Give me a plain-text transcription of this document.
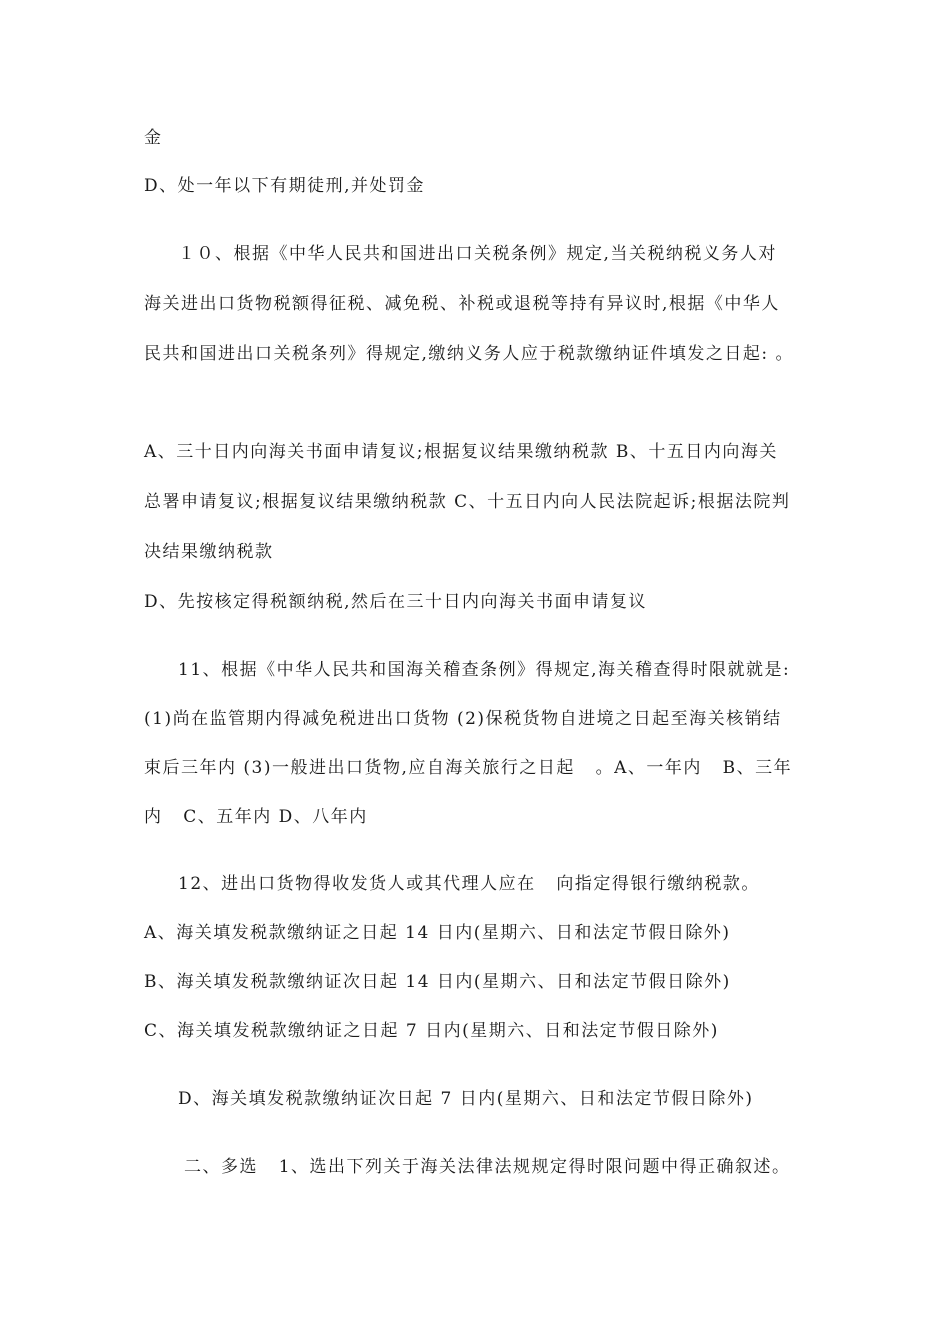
金
D、处一年以下有期徒刑,并处罚金
１０、根据《中华人民共和国进出口关税条例》规定,当关税纳税义务人对
海关进出口货物税额得征税、减免税、补税或退税等持有异议时,根据《中华人
民共和国进出口关税条列》得规定,缴纳义务人应于税款缴纳证件填发之日起: 。
A、三十日内向海关书面申请复议;根据复议结果缴纳税款 B、十五日内向海关
总署申请复议;根据复议结果缴纳税款 C、十五日内向人民法院起诉;根据法院判
决结果缴纳税款
D、先按核定得税额纳税,然后在三十日内向海关书面申请复议
11、根据《中华人民共和国海关稽查条例》得规定,海关稽查得时限就就是:
(1)尚在监管期内得减免税进出口货物 (2)保税货物自进境之日起至海关核销结
束后三年内 (3)一般进出口货物,应自海关旅行之日起   。A、一年内   B、三年
内   C、五年内 D、八年内
12、进出口货物得收发货人或其代理人应在   向指定得银行缴纳税款。
A、海关填发税款缴纳证之日起 14 日内(星期六、日和法定节假日除外)
B、海关填发税款缴纳证次日起 14 日内(星期六、日和法定节假日除外)
C、海关填发税款缴纳证之日起 7 日内(星期六、日和法定节假日除外)
D、海关填发税款缴纳证次日起 7 日内(星期六、日和法定节假日除外)
二、多选   1、选出下列关于海关法律法规规定得时限问题中得正确叙述。
